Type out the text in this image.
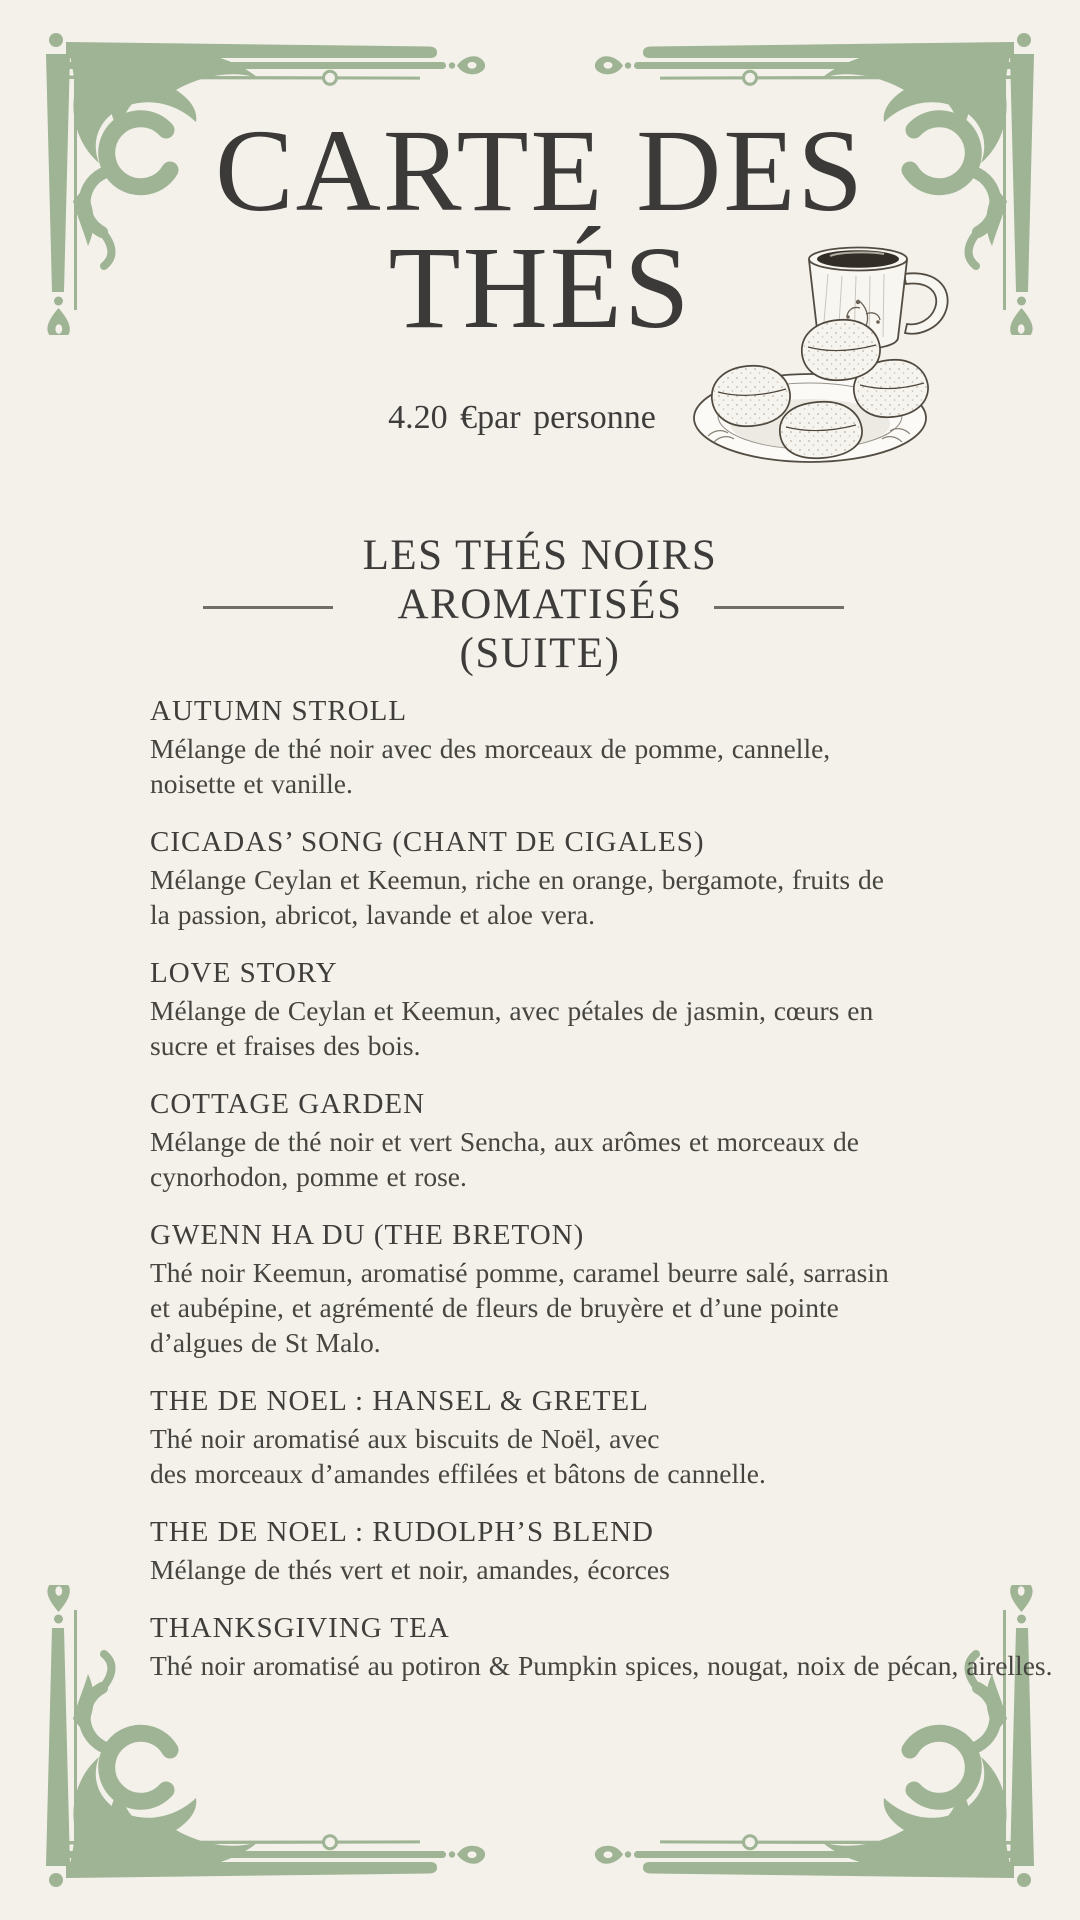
CARTE DES
THÉS
4.20 €par personne
LES THÉS NOIRS
AROMATISÉS
(SUITE)
AUTUMN STROLL
Mélange de thé noir avec des morceaux de pomme, cannelle,
noisette et vanille.
CICADAS’ SONG (CHANT DE CIGALES)
Mélange Ceylan et Keemun, riche en orange, bergamote, fruits de
la passion, abricot, lavande et aloe vera.
LOVE STORY
Mélange de Ceylan et Keemun, avec pétales de jasmin, cœurs en
sucre et fraises des bois.
COTTAGE GARDEN
Mélange de thé noir et vert Sencha, aux arômes et morceaux de
cynorhodon, pomme et rose.
GWENN HA DU (THE BRETON)
Thé noir Keemun, aromatisé pomme, caramel beurre salé, sarrasin
et aubépine, et agrémenté de fleurs de bruyère et d’une pointe
d’algues de St Malo.
THE DE NOEL : HANSEL & GRETEL
Thé noir aromatisé aux biscuits de Noël, avec
des morceaux d’amandes effilées et bâtons de cannelle.
THE DE NOEL : RUDOLPH’S BLEND
Mélange de thés vert et noir, amandes, écorces
THANKSGIVING TEA
Thé noir aromatisé au potiron & Pumpkin spices, nougat, noix de pécan, airelles.
